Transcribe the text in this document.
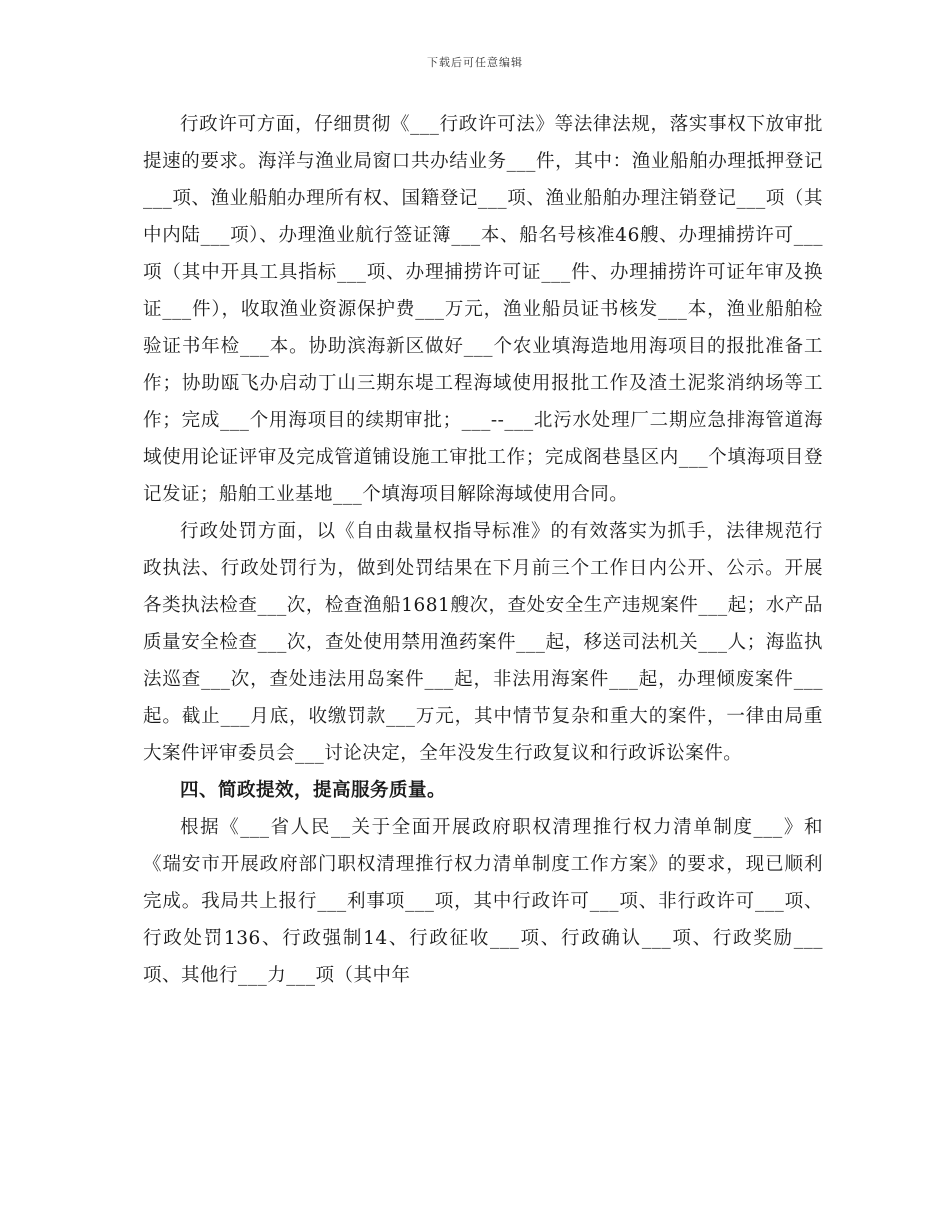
下载后可任意编辑

行政许可方面，仔细贯彻《___行政许可法》等法律法规，落实事权下放审批提速的要求。海洋与渔业局窗口共办结业务___件，其中：渔业船舶办理抵押登记___项、渔业船舶办理所有权、国籍登记___项、渔业船舶办理注销登记___项（其中内陆___项）、办理渔业航行签证簿___本、船名号核准46艘、办理捕捞许可___项（其中开具工具指标___项、办理捕捞许可证___件、办理捕捞许可证年审及换证___件），收取渔业资源保护费___万元，渔业船员证书核发___本，渔业船舶检验证书年检___本。协助滨海新区做好___个农业填海造地用海项目的报批准备工作；协助瓯飞办启动丁山三期东堤工程海域使用报批工作及渣土泥浆消纳场等工作；完成___个用海项目的续期审批；___--___北污水处理厂二期应急排海管道海域使用论证评审及完成管道铺设施工审批工作；完成阁巷垦区内___个填海项目登记发证；船舶工业基地___个填海项目解除海域使用合同。

行政处罚方面，以《自由裁量权指导标准》的有效落实为抓手，法律规范行政执法、行政处罚行为，做到处罚结果在下月前三个工作日内公开、公示。开展各类执法检查___次，检查渔船1681艘次，查处安全生产违规案件___起；水产品质量安全检查___次，查处使用禁用渔药案件___起，移送司法机关___人；海监执法巡查___次，查处违法用岛案件___起，非法用海案件___起，办理倾废案件___起。截止___月底，收缴罚款___万元，其中情节复杂和重大的案件，一律由局重大案件评审委员会___讨论决定，全年没发生行政复议和行政诉讼案件。

四、简政提效，提高服务质量。

根据《___省人民__关于全面开展政府职权清理推行权力清单制度___》和《瑞安市开展政府部门职权清理推行权力清单制度工作方案》的要求，现已顺利完成。我局共上报行___利事项___项，其中行政许可___项、非行政许可___项、行政处罚136、行政强制14、行政征收___项、行政确认___项、行政奖励___项、其他行___力___项（其中年
